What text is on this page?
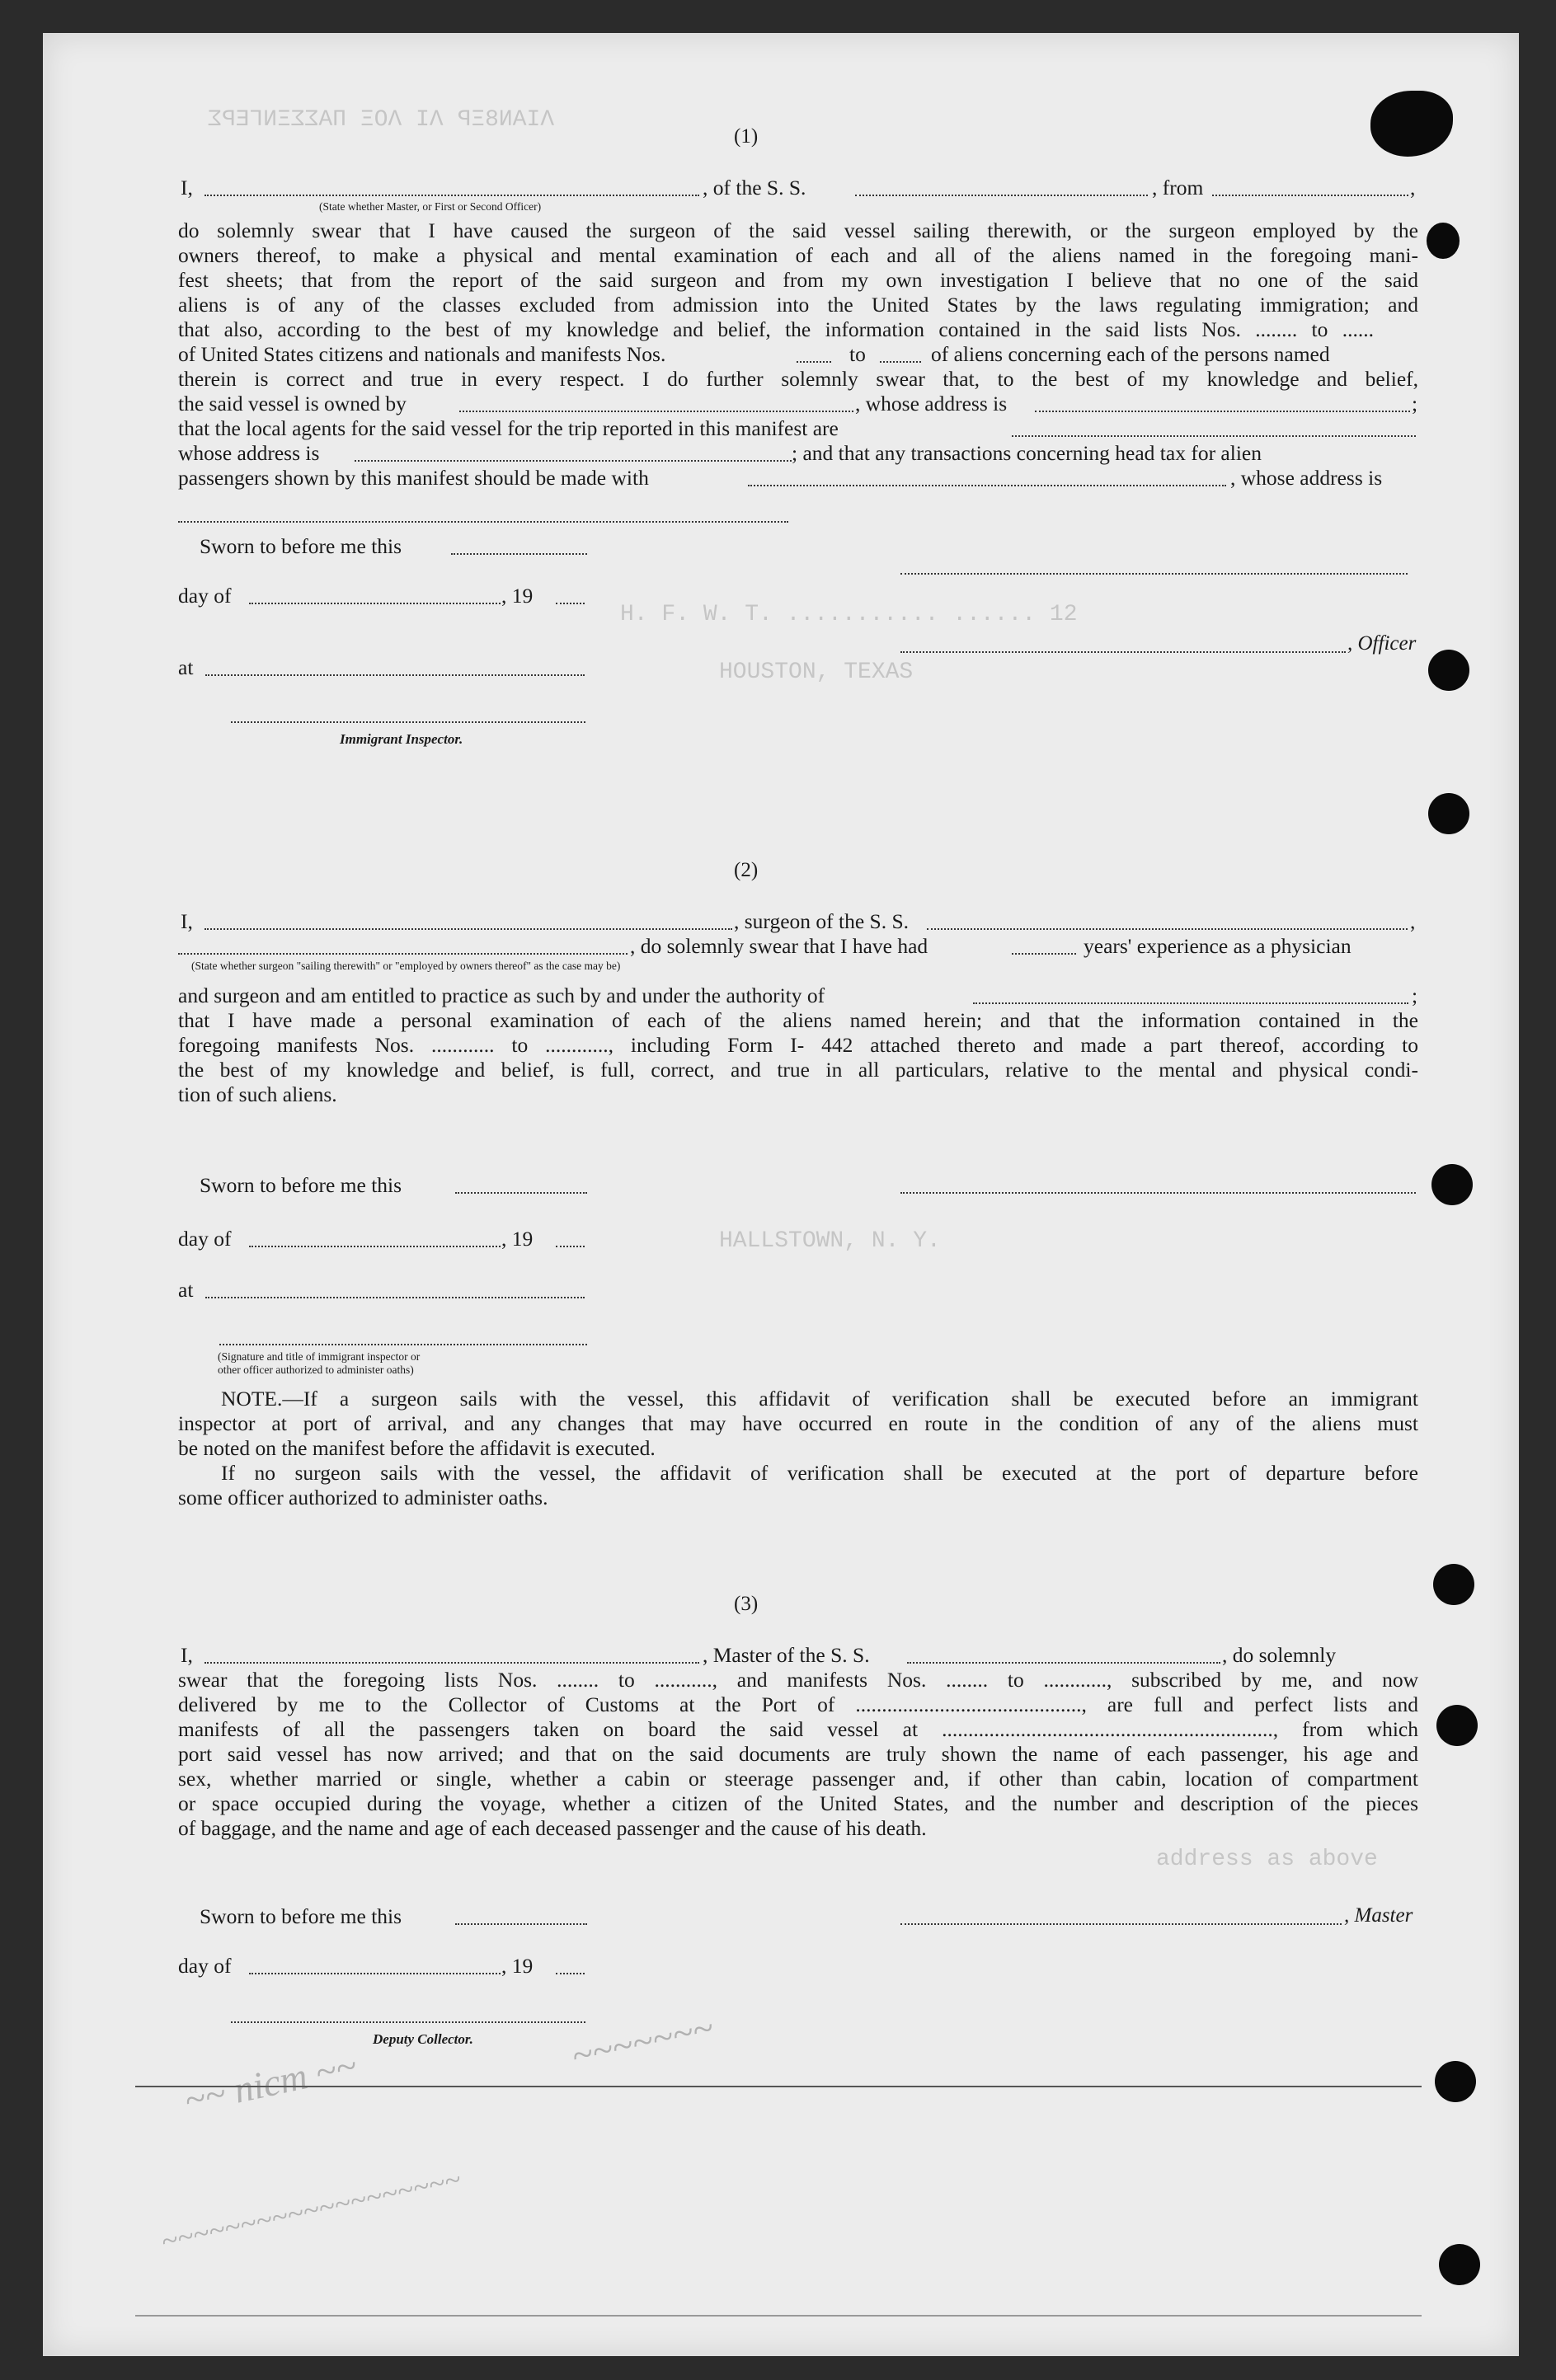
ΛΙΑΝ8ΞΡ ΛΙ ΛΟΞ ΠΑΣΣΞΝΓΕΡΣ
H. F. W. T. ........... ...... 12
HOUSTON, TEXAS
HALLSTOWN, N. Y.
address as above
(1)
I,	, of the S. S.	, from	,
(State whether Master, or First or Second Officer)
do solemnly swear that I have caused the surgeon of the said vessel sailing therewith, or the surgeon employed by the
owners thereof, to make a physical and mental examination of each and all of the aliens named in the foregoing mani-
fest sheets; that from the report of the said surgeon and from my own investigation I believe that no one of the said
aliens is of any of the classes excluded from admission into the United States by the laws regulating immigration; and
that also, according to the best of my knowledge and belief, the information contained in the said lists Nos. ........ to ......
of United States citizens and nationals and manifests Nos.	to	of aliens concerning each of the persons named
therein is correct and true in every respect. I do further solemnly swear that, to the best of my knowledge and belief,
the said vessel is owned by	, whose address is	;
that the local agents for the said vessel for the trip reported in this manifest are
whose address is	; and that any transactions concerning head tax for alien
passengers shown by this manifest should be made with	, whose address is
Sworn to before me this
day of	, 19
, Officer
at
Immigrant Inspector.
(2)
I,	, surgeon of the S. S.	,
, do solemnly swear that I have had	years' experience as a physician
(State whether surgeon "sailing therewith" or "employed by owners thereof" as the case may be)
and surgeon and am entitled to practice as such by and under the authority of	;
that I have made a personal examination of each of the aliens named herein; and that the information contained in the
foregoing manifests Nos. ............ to ............, including Form I- 442 attached thereto and made a part thereof, according to
the best of my knowledge and belief, is full, correct, and true in all particulars, relative to the mental and physical condi-
tion of such aliens.
Sworn to before me this
day of	, 19
at
(Signature and title of immigrant inspector or
other officer authorized to administer oaths)
NOTE.—If a surgeon sails with the vessel, this affidavit of verification shall be executed before an immigrant
inspector at port of arrival, and any changes that may have occurred en route in the condition of any of the aliens must
be noted on the manifest before the affidavit is executed.
If no surgeon sails with the vessel, the affidavit of verification shall be executed at the port of departure before
some officer authorized to administer oaths.
(3)
I,	, Master of the S. S.	, do solemnly
swear that the foregoing lists Nos. ........ to ..........., and manifests Nos. ........ to ............, subscribed by me, and now
delivered by me to the Collector of Customs at the Port of ..........................................., are full and perfect lists and
manifests of all the passengers taken on board the said vessel at ..............................................................., from which
port said vessel has now arrived; and that on the said documents are truly shown the name of each passenger, his age and
sex, whether married or single, whether a cabin or steerage passenger and, if other than cabin, location of compartment
or space occupied during the voyage, whether a citizen of the United States, and the number and description of the pieces
of baggage, and the name and age of each deceased passenger and the cause of his death.
Sworn to before me this	, Master
day of	, 19
Deputy Collector.
~~ nicm ~~
~~~~~~~
~~~~~~~~~~~~~~~~~~~
